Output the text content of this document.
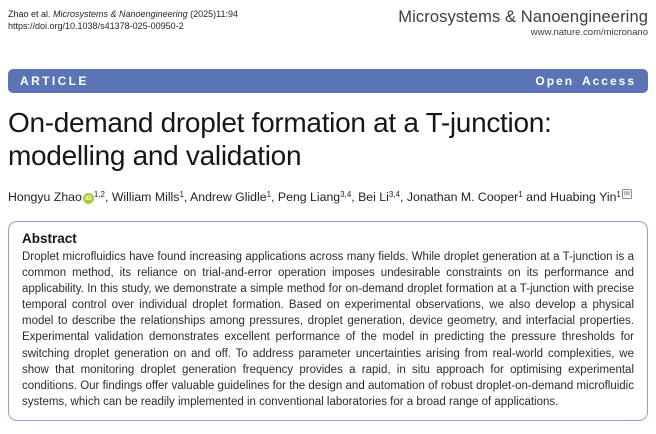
Zhao et al. Microsystems & Nanoengineering (2025)11:94
https://doi.org/10.1038/s41378-025-00950-2	Microsystems & Nanoengineering
www.nature.com/micronano
ARTICLE	Open Access
On-demand droplet formation at a T-junction:
modelling and validation
Hongyu Zhao iD $^{1,2}$, William Mills$^1$, Andrew Glidle$^1$, Peng Liang$^{3,4}$, Bei Li$^{3,4}$, Jonathan M. Cooper$^1$ and Huabing Yin$^1$ ✉
Abstract

Droplet microfluidics have found increasing applications across many fields. While droplet generation at a T-junction is a common method, its reliance on trial-and-error operation imposes undesirable constraints on its performance and applicability. In this study, we demonstrate a simple method for on-demand droplet formation at a T-junction with precise temporal control over individual droplet formation. Based on experimental observations, we also develop a physical model to describe the relationships among pressures, droplet generation, device geometry, and interfacial properties. Experimental validation demonstrates excellent performance of the model in predicting the pressure thresholds for switching droplet generation on and off. To address parameter uncertainties arising from real-world complexities, we show that monitoring droplet generation frequency provides a rapid, in situ approach for optimising experimental conditions. Our findings offer valuable guidelines for the design and automation of robust droplet-on-demand microfluidic systems, which can be readily implemented in conventional laboratories for a broad range of applications.
